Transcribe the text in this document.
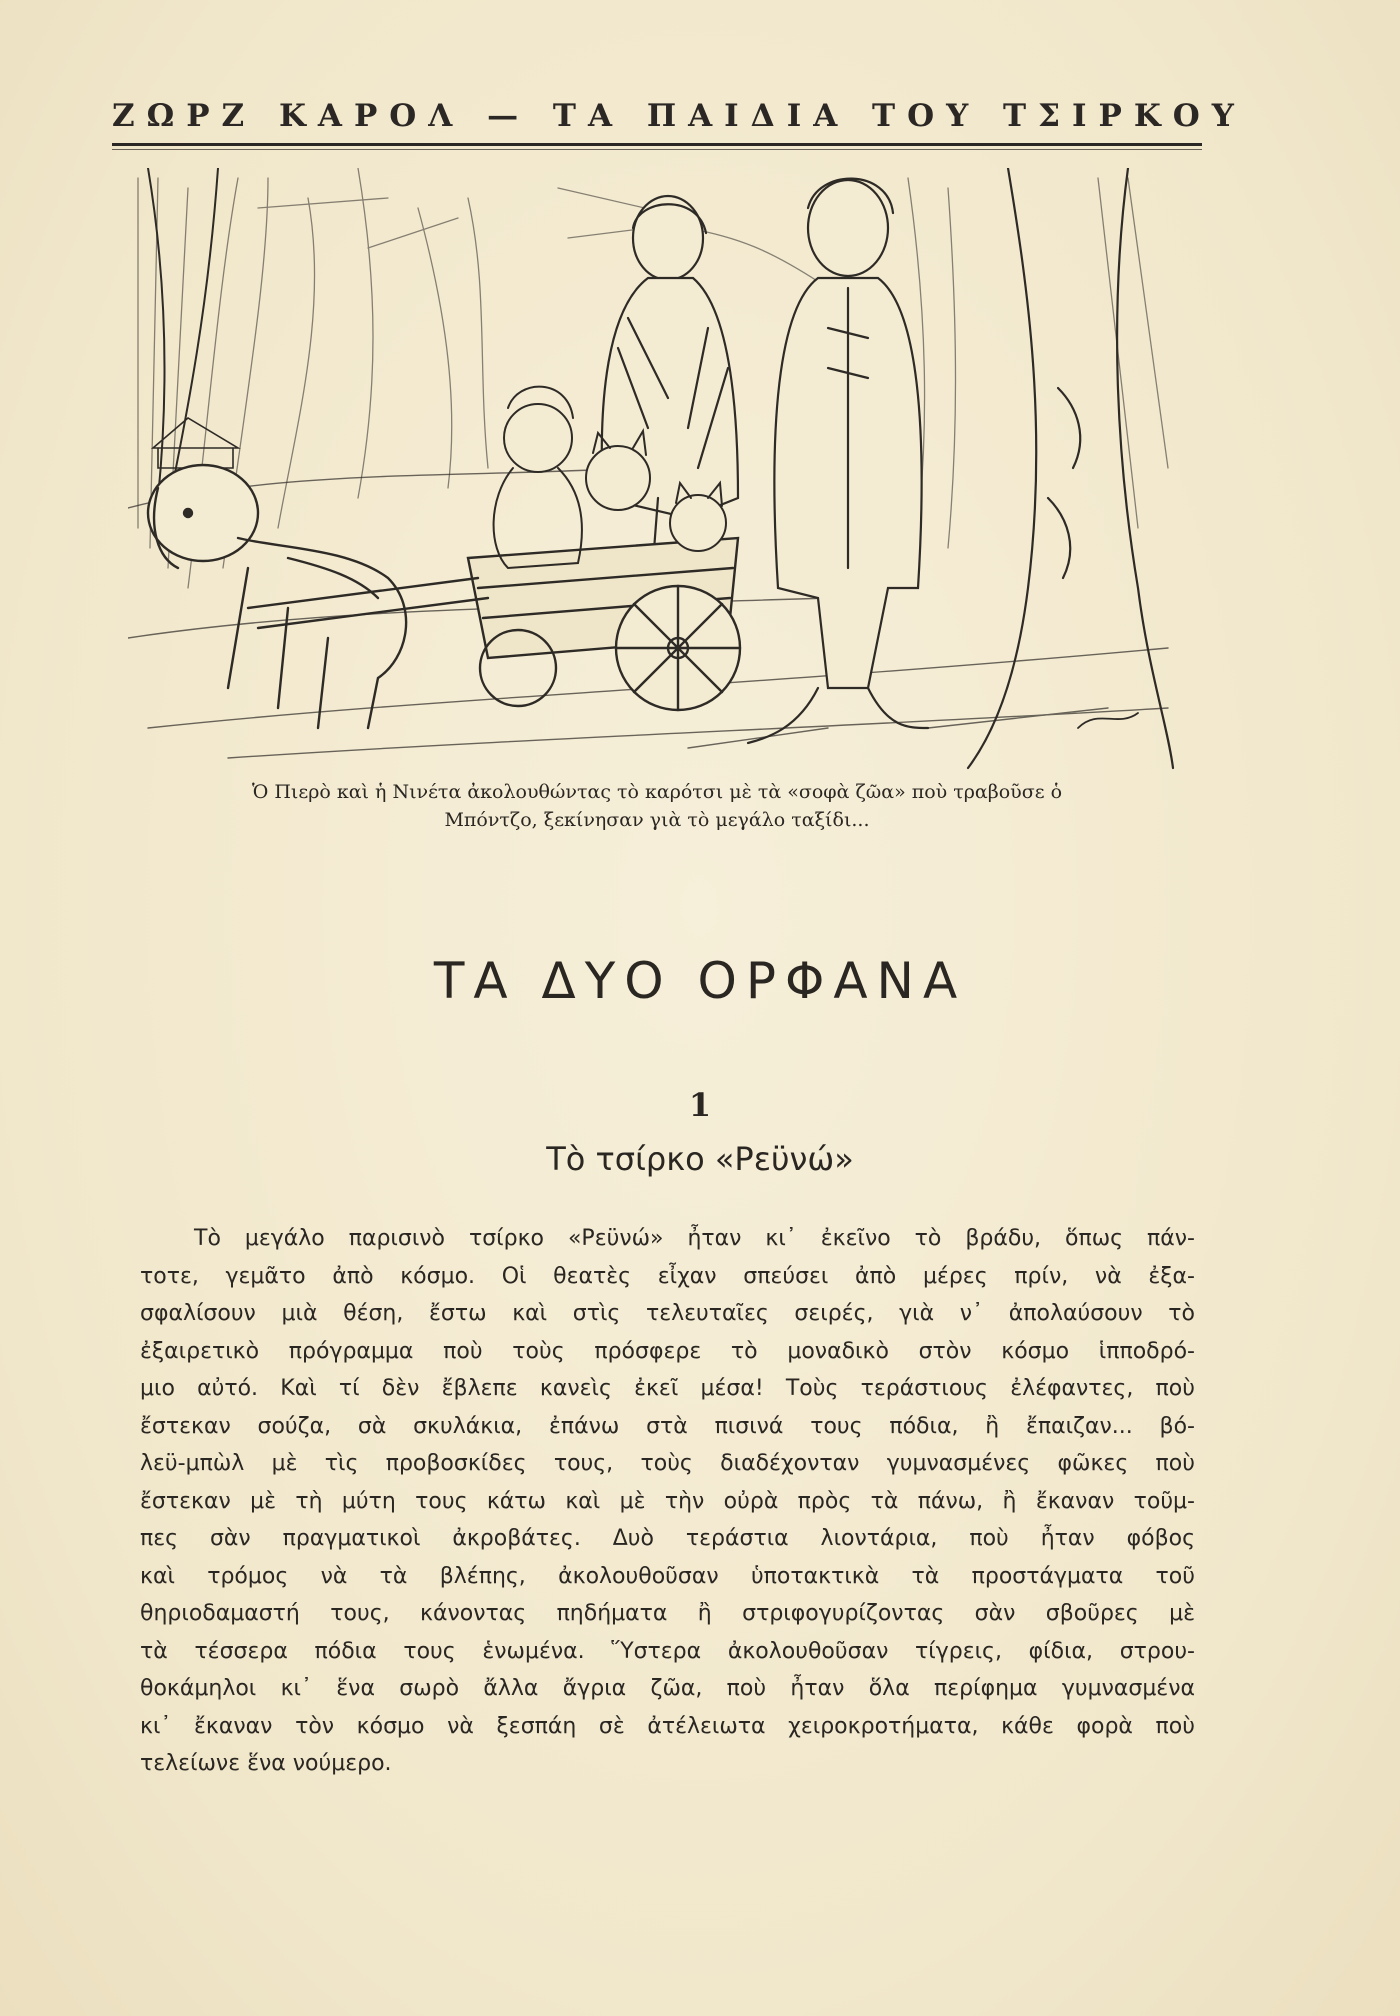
ΖΩΡΖ ΚΑΡΟΛ — ΤΑ ΠΑΙΔΙΑ ΤΟΥ ΤΣΙΡΚΟΥ
Ὁ Πιερὸ καὶ ἡ Νινέτα ἀκολουθώντας τὸ καρότσι μὲ τὰ «σοφὰ ζῶα» ποὺ τραβοῦσε ὁ
Μπόντζο, ξεκίνησαν γιὰ τὸ μεγάλο ταξίδι...
ΤΑ ΔΥΟ ΟΡΦΑΝΑ
1
Τὸ τσίρκο «Ρεϋνώ»
Τὸ μεγάλο παρισινὸ τσίρκο «Ρεϋνώ» ἦταν κι᾿ ἐκεῖνο τὸ βράδυ, ὅπως πάν-
τοτε, γεμᾶτο ἀπὸ κόσμο. Οἱ θεατὲς εἶχαν σπεύσει ἀπὸ μέρες πρίν, νὰ ἐξα-
σφαλίσουν μιὰ θέση, ἔστω καὶ στὶς τελευταῖες σειρές, γιὰ ν᾿ ἀπολαύσουν τὸ
ἐξαιρετικὸ πρόγραμμα ποὺ τοὺς πρόσφερε τὸ μοναδικὸ στὸν κόσμο ἱπποδρό-
μιο αὐτό. Καὶ τί δὲν ἔβλεπε κανεὶς ἐκεῖ μέσα! Τοὺς τεράστιους ἐλέφαντες, ποὺ
ἔστεκαν σούζα, σὰ σκυλάκια, ἐπάνω στὰ πισινά τους πόδια, ἢ ἔπαιζαν... βό-
λεϋ-μπὼλ μὲ τὶς προβοσκίδες τους, τοὺς διαδέχονταν γυμνασμένες φῶκες ποὺ
ἔστεκαν μὲ τὴ μύτη τους κάτω καὶ μὲ τὴν οὐρὰ πρὸς τὰ πάνω, ἢ ἔκαναν τοῦμ-
πες σὰν πραγματικοὶ ἀκροβάτες. Δυὸ τεράστια λιοντάρια, ποὺ ἦταν φόβος
καὶ τρόμος νὰ τὰ βλέπης, ἀκολουθοῦσαν ὑποτακτικὰ τὰ προστάγματα τοῦ
θηριοδαμαστή τους, κάνοντας πηδήματα ἢ στριφογυρίζοντας σὰν σβοῦρες μὲ
τὰ τέσσερα πόδια τους ἑνωμένα. Ὕστερα ἀκολουθοῦσαν τίγρεις, φίδια, στρου-
θοκάμηλοι κι᾿ ἕνα σωρὸ ἄλλα ἄγρια ζῶα, ποὺ ἦταν ὅλα περίφημα γυμνασμένα
κι᾿ ἔκαναν τὸν κόσμο νὰ ξεσπάη σὲ ἀτέλειωτα χειροκροτήματα, κάθε φορὰ ποὺ
τελείωνε ἕνα νούμερο.
